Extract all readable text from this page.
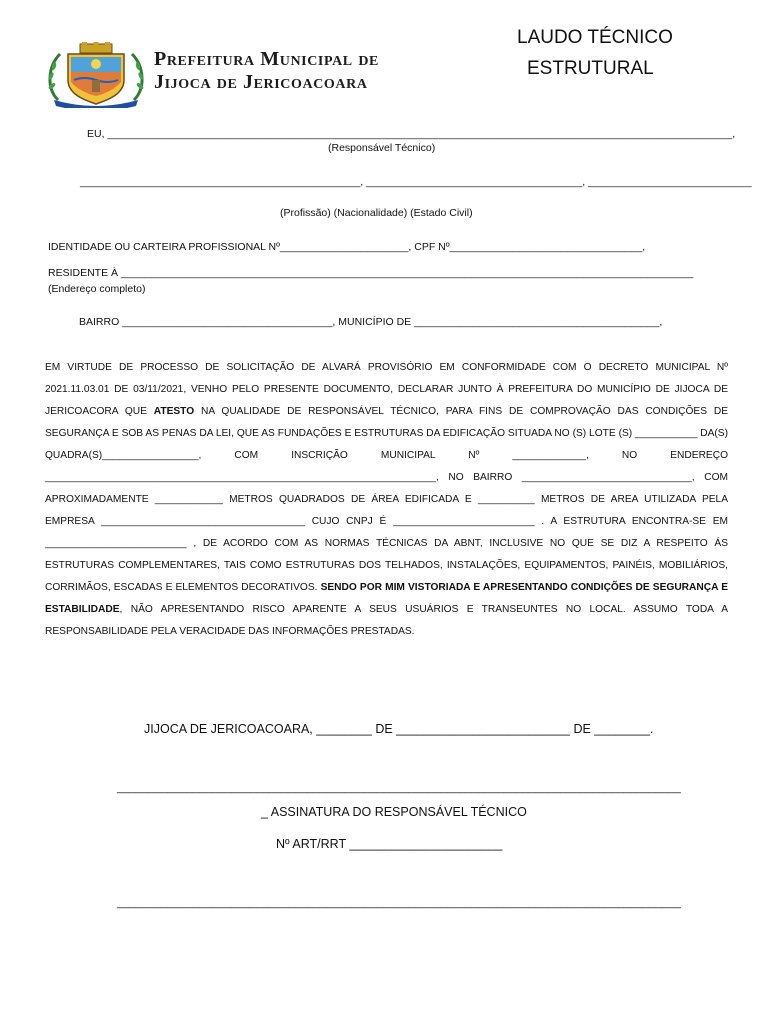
Prefeitura Municipal de
Jijoca de Jericoacoara
LAUDO TÉCNICO
ESTRUTURAL
EU, ___________________________________________________________________________________________________________,
(Responsável Técnico)
________________________________________________, _____________________________________, ____________________________
(Profissão) (Nacionalidade) (Estado Civil)
IDENTIDADE OU CARTEIRA PROFISSIONAL Nº______________________, CPF Nº_________________________________,
RESIDENTE À __________________________________________________________________________________________________
(Endereço completo)
BAIRRO ____________________________________, MUNICÍPIO DE __________________________________________,
EM VIRTUDE DE PROCESSO DE SOLICITAÇÃO DE ALVARÁ PROVISÓRIO EM CONFORMIDADE COM O DECRETO MUNICIPAL Nº 2021.11.03.01 DE 03/11/2021, VENHO PELO PRESENTE DOCUMENTO, DECLARAR JUNTO À PREFEITURA DO MUNICÍPIO DE JIJOCA DE JERICOACORA QUE ATESTO NA QUALIDADE DE RESPONSÁVEL TÉCNICO, PARA FINS DE COMPROVAÇÃO DAS CONDIÇÕES DE SEGURANÇA E SOB AS PENAS DA LEI, QUE AS FUNDAÇÕES E ESTRUTURAS DA EDIFICAÇÃO SITUADA NO (S) LOTE (S) ___________ DA(S) QUADRA(S)_________________, COM INSCRIÇÃO MUNICIPAL Nº _____________, NO ENDEREÇO _____________________________________________________________________, NO BAIRRO ______________________________, COM APROXIMADAMENTE ____________ METROS QUADRADOS DE ÁREA EDIFICADA E __________ METROS DE AREA UTILIZADA PELA EMPRESA ____________________________________ CUJO CNPJ É _________________________ . A ESTRUTURA ENCONTRA-SE EM _________________________ , DE ACORDO COM AS NORMAS TÉCNICAS DA ABNT, INCLUSIVE NO QUE SE DIZ A RESPEITO ÁS ESTRUTURAS COMPLEMENTARES, TAIS COMO ESTRUTURAS DOS TELHADOS, INSTALAÇÕES, EQUIPAMENTOS, PAINÉIS, MOBILIÁRIOS, CORRIMÃOS, ESCADAS E ELEMENTOS DECORATIVOS. SENDO POR MIM VISTORIADA E APRESENTANDO CONDIÇÕES DE SEGURANÇA E ESTABILIDADE, NÃO APRESENTANDO RISCO APARENTE A SEUS USUÁRIOS E TRANSEUNTES NO LOCAL. ASSUMO TODA A RESPONSABILIDADE PELA VERACIDADE DAS INFORMAÇÕES PRESTADAS.
JIJOCA DE JERICOACOARA, ________ DE _________________________ DE ________.
_________________________________________________________________________________________
_ ASSINATURA DO RESPONSÁVEL TÉCNICO
Nº ART/RRT ______________________
_________________________________________________________________________________________
